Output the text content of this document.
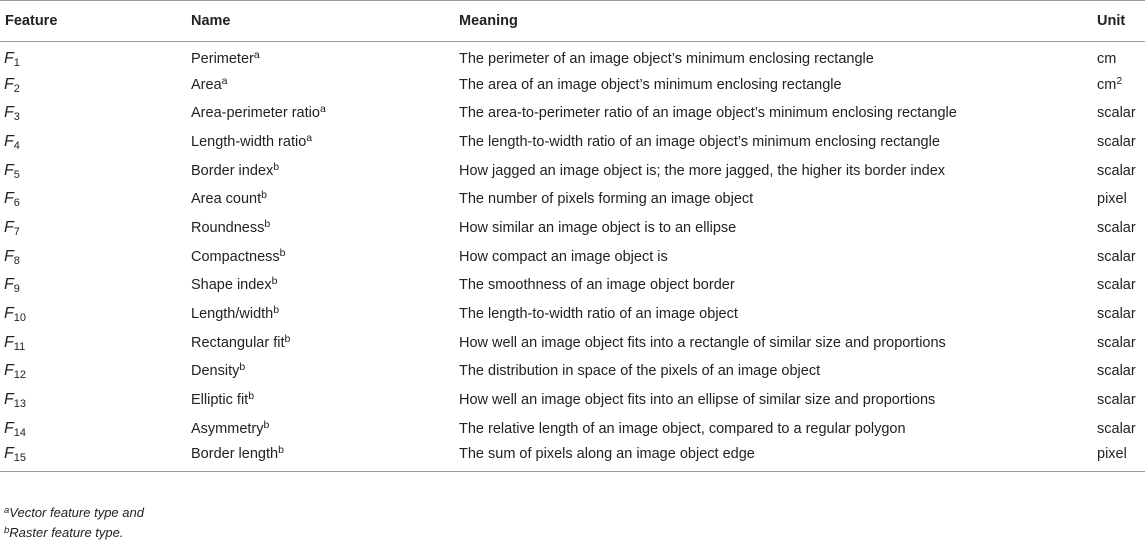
Feature	Name	Meaning	Unit
$F_1$	Perimeter$^a$	The perimeter of an image object’s minimum enclosing rectangle	cm
$F_2$	Area$^a$	The area of an image object’s minimum enclosing rectangle	$cm^2$
$F_3$	Area-perimeter ratio$^a$	The area-to-perimeter ratio of an image object’s minimum enclosing rectangle	scalar
$F_4$	Length-width ratio$^a$	The length-to-width ratio of an image object’s minimum enclosing rectangle	scalar
$F_5$	Border index$^b$	How jagged an image object is; the more jagged, the higher its border index	scalar
$F_6$	Area count$^b$	The number of pixels forming an image object	pixel
$F_7$	Roundness$^b$	How similar an image object is to an ellipse	scalar
$F_8$	Compactness$^b$	How compact an image object is	scalar
$F_9$	Shape index$^b$	The smoothness of an image object border	scalar
$F_{10}$	Length/width$^b$	The length-to-width ratio of an image object	scalar
$F_{11}$	Rectangular fit$^b$	How well an image object fits into a rectangle of similar size and proportions	scalar
$F_{12}$	Density$^b$	The distribution in space of the pixels of an image object	scalar
$F_{13}$	Elliptic fit$^b$	How well an image object fits into an ellipse of similar size and proportions	scalar
$F_{14}$	Asymmetry$^b$	The relative length of an image object, compared to a regular polygon	scalar
$F_{15}$	Border length$^b$	The sum of pixels along an image object edge	pixel
$^a$Vector feature type and
$^b$Raster feature type.
